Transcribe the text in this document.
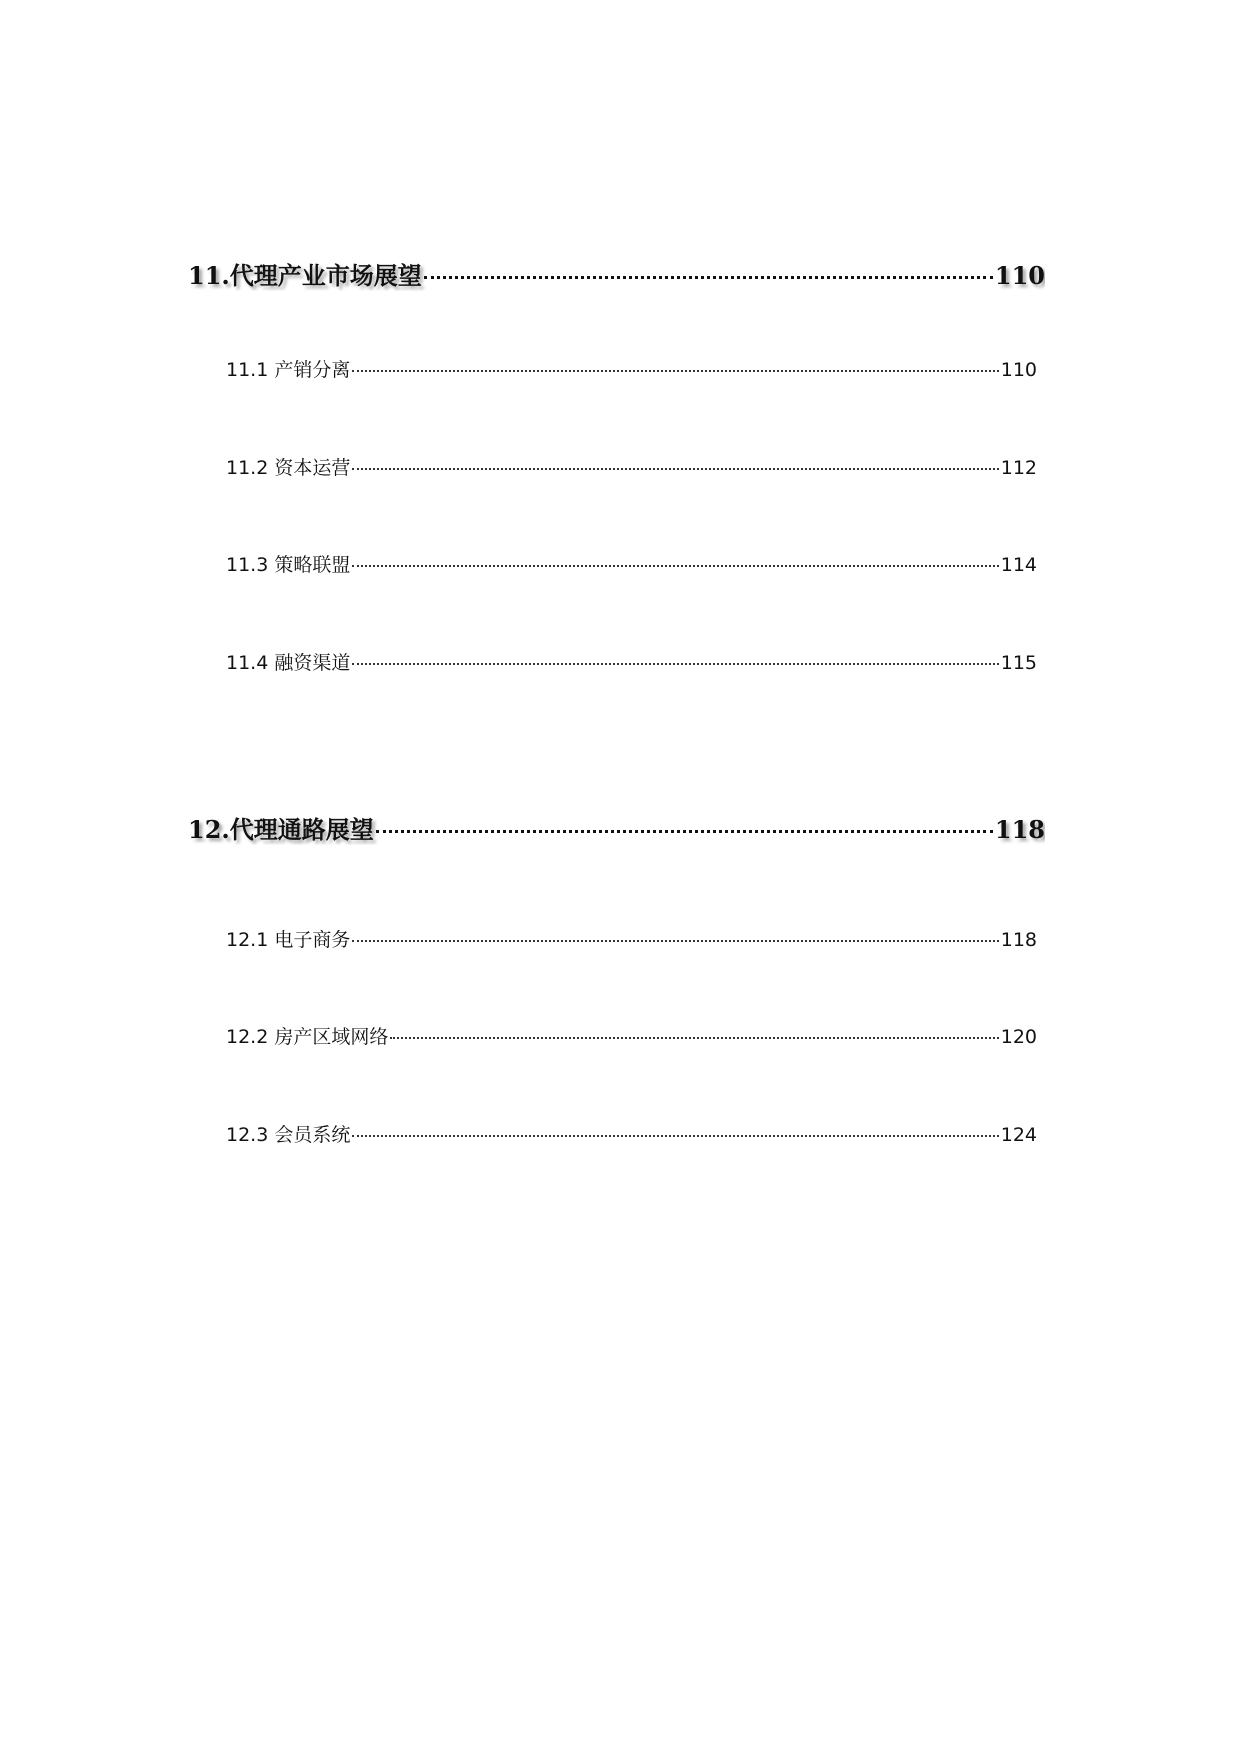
11.代理产业市场展望	110
11.1 产销分离	110
11.2 资本运营	112
11.3 策略联盟	114
11.4 融资渠道	115
12.代理通路展望	118
12.1 电子商务	118
12.2 房产区域网络	120
12.3 会员系统	124
